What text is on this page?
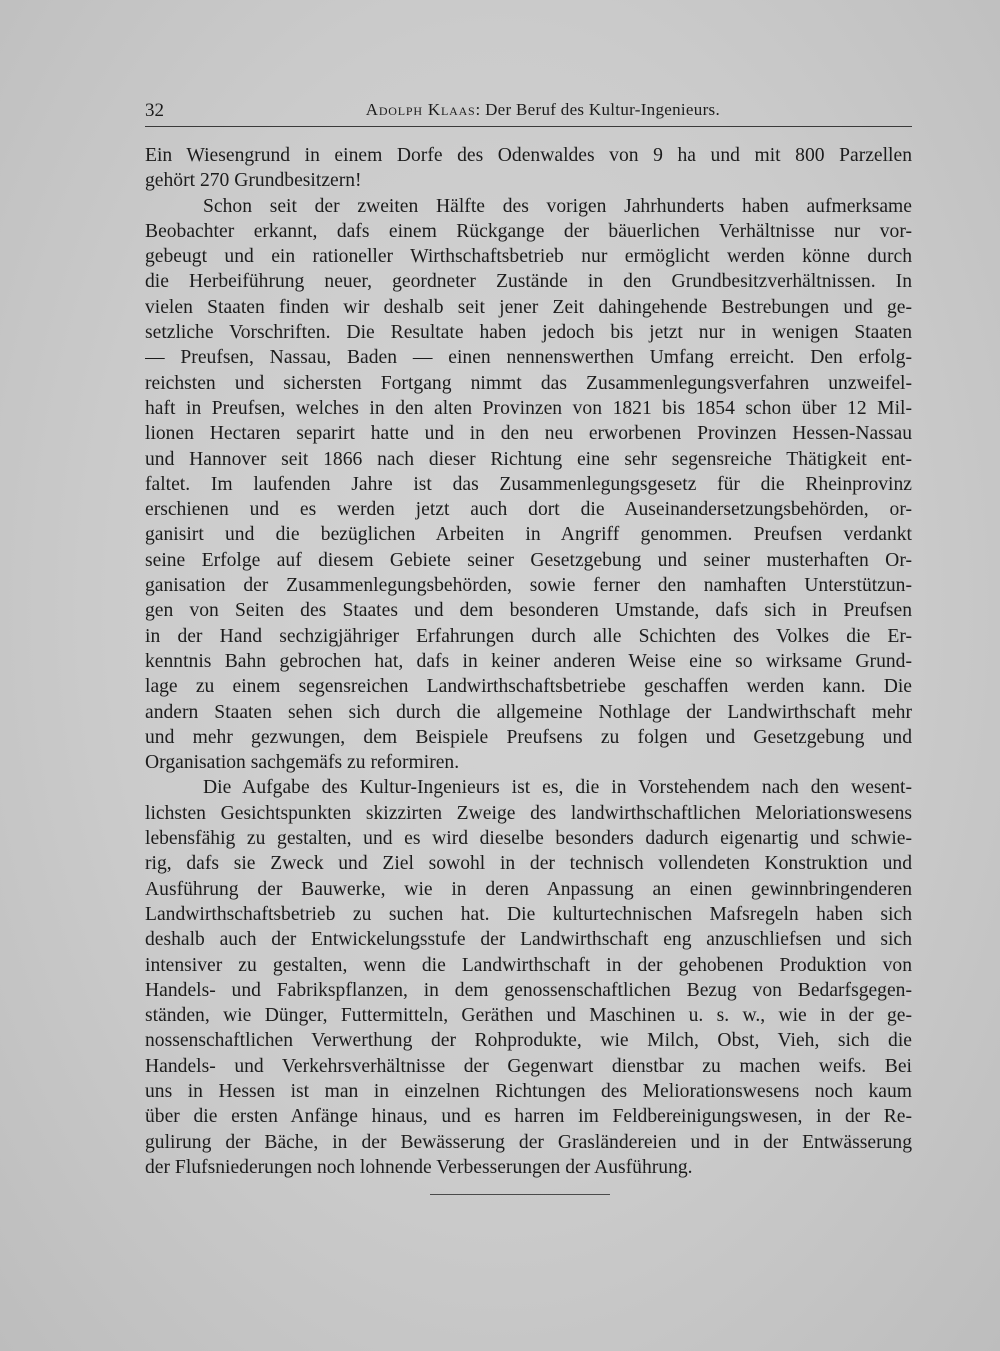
32	Adolph Klaas: Der Beruf des Kultur-Ingenieurs.
Ein Wiesengrund in einem Dorfe des Odenwaldes von 9 ha und mit 800 Parzellen
gehört 270 Grundbesitzern!
Schon seit der zweiten Hälfte des vorigen Jahrhunderts haben aufmerksame
Beobachter erkannt, dafs einem Rückgange der bäuerlichen Verhältnisse nur vor-
gebeugt und ein rationeller Wirthschaftsbetrieb nur ermöglicht werden könne durch
die Herbeiführung neuer, geordneter Zustände in den Grundbesitzverhältnissen. In
vielen Staaten finden wir deshalb seit jener Zeit dahingehende Bestrebungen und ge-
setzliche Vorschriften. Die Resultate haben jedoch bis jetzt nur in wenigen Staaten
— Preufsen, Nassau, Baden — einen nennenswerthen Umfang erreicht. Den erfolg-
reichsten und sichersten Fortgang nimmt das Zusammenlegungsverfahren unzweifel-
haft in Preufsen, welches in den alten Provinzen von 1821 bis 1854 schon über 12 Mil-
lionen Hectaren separirt hatte und in den neu erworbenen Provinzen Hessen-Nassau
und Hannover seit 1866 nach dieser Richtung eine sehr segensreiche Thätigkeit ent-
faltet. Im laufenden Jahre ist das Zusammenlegungsgesetz für die Rheinprovinz
erschienen und es werden jetzt auch dort die Auseinandersetzungsbehörden, or-
ganisirt und die bezüglichen Arbeiten in Angriff genommen. Preufsen verdankt
seine Erfolge auf diesem Gebiete seiner Gesetzgebung und seiner musterhaften Or-
ganisation der Zusammenlegungsbehörden, sowie ferner den namhaften Unterstützun-
gen von Seiten des Staates und dem besonderen Umstande, dafs sich in Preufsen
in der Hand sechzigjähriger Erfahrungen durch alle Schichten des Volkes die Er-
kenntnis Bahn gebrochen hat, dafs in keiner anderen Weise eine so wirksame Grund-
lage zu einem segensreichen Landwirthschaftsbetriebe geschaffen werden kann. Die
andern Staaten sehen sich durch die allgemeine Nothlage der Landwirthschaft mehr
und mehr gezwungen, dem Beispiele Preufsens zu folgen und Gesetzgebung und
Organisation sachgemäfs zu reformiren.
Die Aufgabe des Kultur-Ingenieurs ist es, die in Vorstehendem nach den wesent-
lichsten Gesichtspunkten skizzirten Zweige des landwirthschaftlichen Meloriationswesens
lebensfähig zu gestalten, und es wird dieselbe besonders dadurch eigenartig und schwie-
rig, dafs sie Zweck und Ziel sowohl in der technisch vollendeten Konstruktion und
Ausführung der Bauwerke, wie in deren Anpassung an einen gewinnbringenderen
Landwirthschaftsbetrieb zu suchen hat. Die kulturtechnischen Mafsregeln haben sich
deshalb auch der Entwickelungsstufe der Landwirthschaft eng anzuschliefsen und sich
intensiver zu gestalten, wenn die Landwirthschaft in der gehobenen Produktion von
Handels- und Fabrikspflanzen, in dem genossenschaftlichen Bezug von Bedarfsgegen-
ständen, wie Dünger, Futtermitteln, Geräthen und Maschinen u. s. w., wie in der ge-
nossenschaftlichen Verwerthung der Rohprodukte, wie Milch, Obst, Vieh, sich die
Handels- und Verkehrsverhältnisse der Gegenwart dienstbar zu machen weifs. Bei
uns in Hessen ist man in einzelnen Richtungen des Meliorationswesens noch kaum
über die ersten Anfänge hinaus, und es harren im Feldbereinigungswesen, in der Re-
gulirung der Bäche, in der Bewässerung der Grasländereien und in der Entwässerung
der Flufsniederungen noch lohnende Verbesserungen der Ausführung.
